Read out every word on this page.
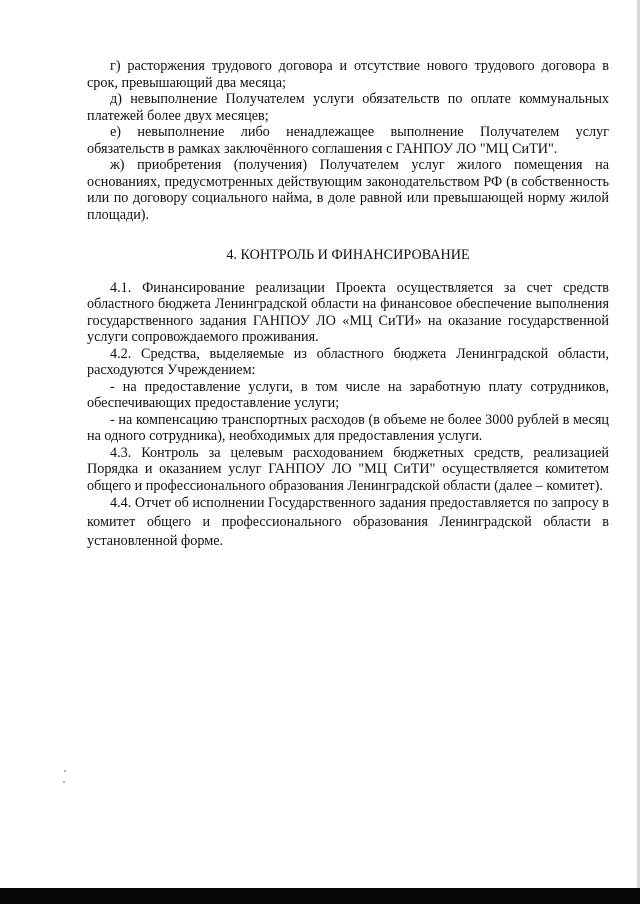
г) расторжения трудового договора и отсутствие нового трудового договора в срок, превышающий два месяца;

д) невыполнение Получателем услуги обязательств по оплате коммунальных платежей более двух месяцев;

е) невыполнение либо ненадлежащее выполнение Получателем услуг обязательств в рамках заключённого соглашения с ГАНПОУ ЛО "МЦ СиТИ".

ж) приобретения (получения) Получателем услуг жилого помещения на основаниях, предусмотренных действующим законодательством РФ (в собственность или по договору социального найма, в доле равной или превышающей норму жилой площади).

4. КОНТРОЛЬ И ФИНАНСИРОВАНИЕ

4.1. Финансирование реализации Проекта осуществляется за счет средств областного бюджета Ленинградской области на финансовое обеспечение выполнения государственного задания ГАНПОУ ЛО «МЦ СиТИ» на оказание государственной услуги сопровождаемого проживания.

4.2. Средства, выделяемые из областного бюджета Ленинградской области, расходуются Учреждением:

- на предоставление услуги, в том числе на заработную плату сотрудников, обеспечивающих предоставление услуги;

- на компенсацию транспортных расходов (в объеме не более 3000 рублей в месяц на одного сотрудника), необходимых для предоставления услуги.

4.3. Контроль за целевым расходованием бюджетных средств, реализацией Порядка и оказанием услуг ГАНПОУ ЛО "МЦ СиТИ" осуществляется комитетом общего и профессионального образования Ленинградской области (далее – комитет).

4.4. Отчет об исполнении Государственного задания предоставляется по запросу в комитет общего и профессионального образования Ленинградской области в установленной форме.
